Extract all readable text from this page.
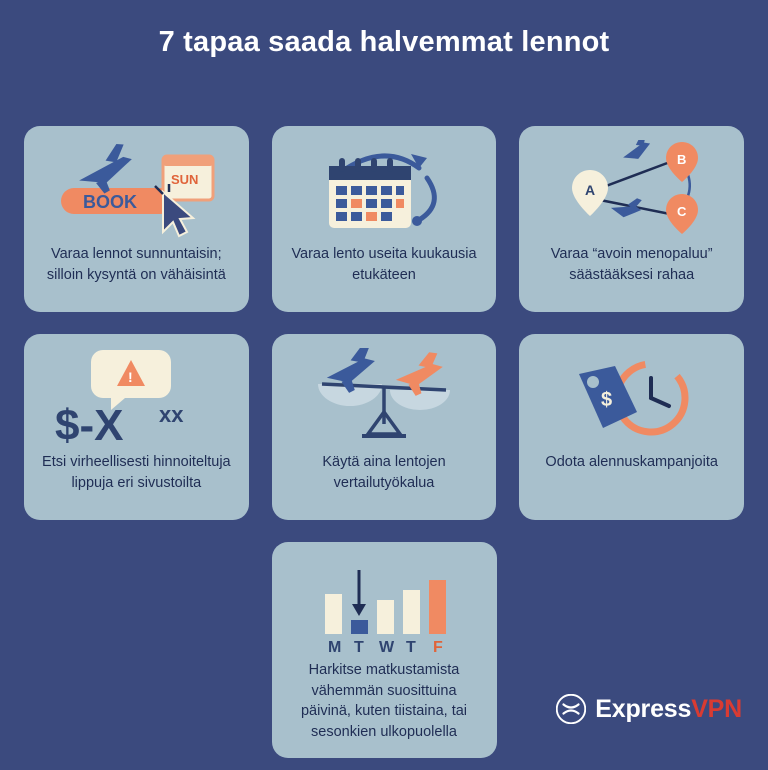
7 tapaa saada halvemmat lennot
BOOK
SUN
Varaa lennot sunnuntaisin; silloin kysyntä on vähäisintä
Varaa lento useita kuukausia etukäteen
A
B
C
Varaa “avoin menopaluu” säästääksesi rahaa
!
$-X xx
Etsi virheellisesti hinnoiteltuja lippuja eri sivustoilta
Käytä aina lentojen vertailutyökalua
$
Odota alennuskampanjoita
M T W T F
Harkitse matkustamista vähemmän suosittuina päivinä, kuten tiistaina, tai sesonkien ulkopuolella
ExpressVPN
